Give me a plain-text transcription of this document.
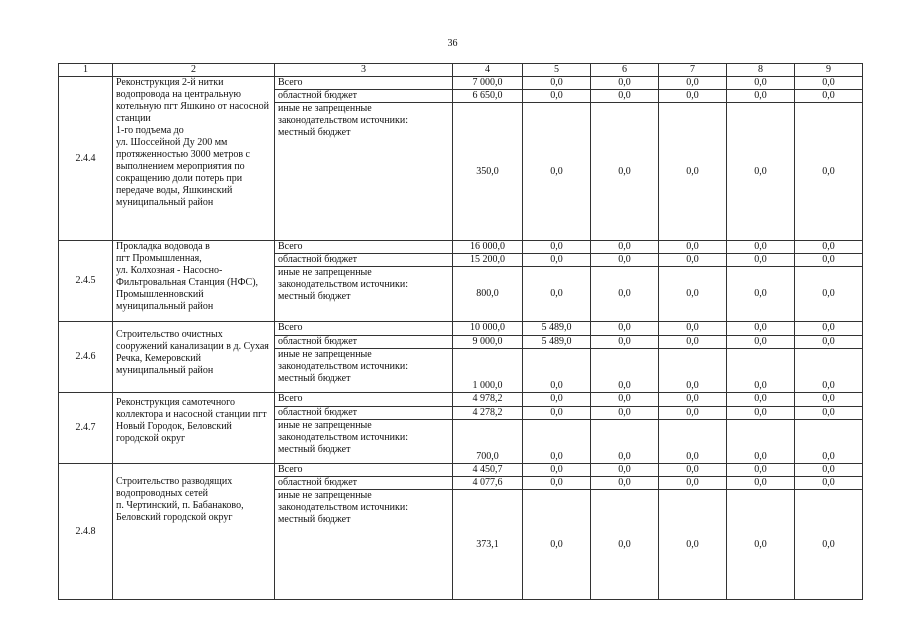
36
1	2	3	4	5	6	7	8	9
2.4.4	Реконструкция 2-й нитки водопровода на центральную котельную пгт Яшкино от насосной станции
1-го подъема до
ул. Шоссейной Ду 200 мм протяженностью 3000 метров с выполнением мероприятия по сокращению доли потерь при передаче воды, Яшкинский муниципальный район	Всего	7 000,0	0,0	0,0	0,0	0,0	0,0
		областной бюджет	6 650,0	0,0	0,0	0,0	0,0	0,0
		иные не запрещенные законодательством источники:
местный бюджет	350,0	0,0	0,0	0,0	0,0	0,0
2.4.5	Прокладка водовода в
пгт Промышленная,
ул. Колхозная - Насосно-Фильтровальная Станция (НФС), Промышленновский муниципальный район	Всего	16 000,0	0,0	0,0	0,0	0,0	0,0
		областной бюджет	15 200,0	0,0	0,0	0,0	0,0	0,0
		иные не запрещенные законодательством источники:
местный бюджет	800,0	0,0	0,0	0,0	0,0	0,0
2.4.6	Строительство очистных сооружений канализации в д. Сухая Речка, Кемеровский муниципальный район	Всего	10 000,0	5 489,0	0,0	0,0	0,0	0,0
		областной бюджет	9 000,0	5 489,0	0,0	0,0	0,0	0,0
		иные не запрещенные законодательством источники:
местный бюджет	1 000,0	0,0	0,0	0,0	0,0	0,0
2.4.7	Реконструкция самотечного коллектора и насосной станции пгт Новый Городок, Беловский городской округ	Всего	4 978,2	0,0	0,0	0,0	0,0	0,0
		областной бюджет	4 278,2	0,0	0,0	0,0	0,0	0,0
		иные не запрещенные законодательством источники:
местный бюджет	700,0	0,0	0,0	0,0	0,0	0,0
2.4.8	Строительство разводящих водопроводных сетей
п. Чертинский, п. Бабанаково, Беловский городской округ	Всего	4 450,7	0,0	0,0	0,0	0,0	0,0
		областной бюджет	4 077,6	0,0	0,0	0,0	0,0	0,0
		иные не запрещенные законодательством источники:
местный бюджет	373,1	0,0	0,0	0,0	0,0	0,0
